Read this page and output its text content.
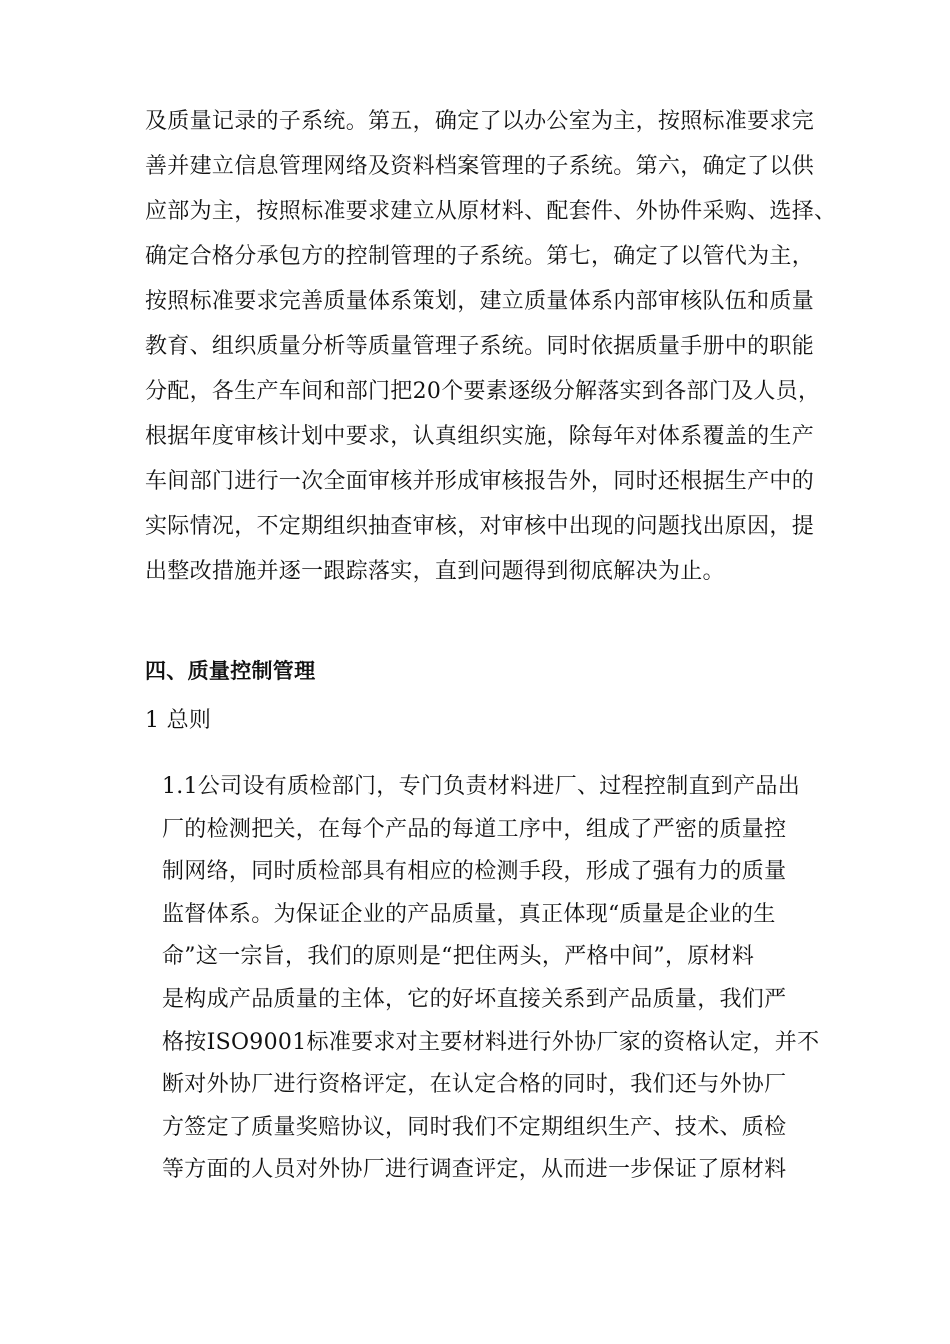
及质量记录的子系统。第五，确定了以办公室为主，按照标准要求完
善并建立信息管理网络及资料档案管理的子系统。第六，确定了以供
应部为主，按照标准要求建立从原材料、配套件、外协件采购、选择、
确定合格分承包方的控制管理的子系统。第七，确定了以管代为主，
按照标准要求完善质量体系策划，建立质量体系内部审核队伍和质量
教育、组织质量分析等质量管理子系统。同时依据质量手册中的职能
分配，各生产车间和部门把20个要素逐级分解落实到各部门及人员，
根据年度审核计划中要求，认真组织实施，除每年对体系覆盖的生产
车间部门进行一次全面审核并形成审核报告外，同时还根据生产中的
实际情况，不定期组织抽查审核，对审核中出现的问题找出原因，提
出整改措施并逐一跟踪落实，直到问题得到彻底解决为止。
四、质量控制管理
1 总则
1.1公司设有质检部门，专门负责材料进厂、过程控制直到产品出
厂的检测把关，在每个产品的每道工序中，组成了严密的质量控
制网络，同时质检部具有相应的检测手段，形成了强有力的质量
监督体系。为保证企业的产品质量，真正体现“质量是企业的生
命”这一宗旨，我们的原则是“把住两头，严格中间”，原材料
是构成产品质量的主体，它的好坏直接关系到产品质量，我们严
格按ISO9001标准要求对主要材料进行外协厂家的资格认定，并不
断对外协厂进行资格评定，在认定合格的同时，我们还与外协厂
方签定了质量奖赔协议，同时我们不定期组织生产、技术、质检
等方面的人员对外协厂进行调查评定，从而进一步保证了原材料
